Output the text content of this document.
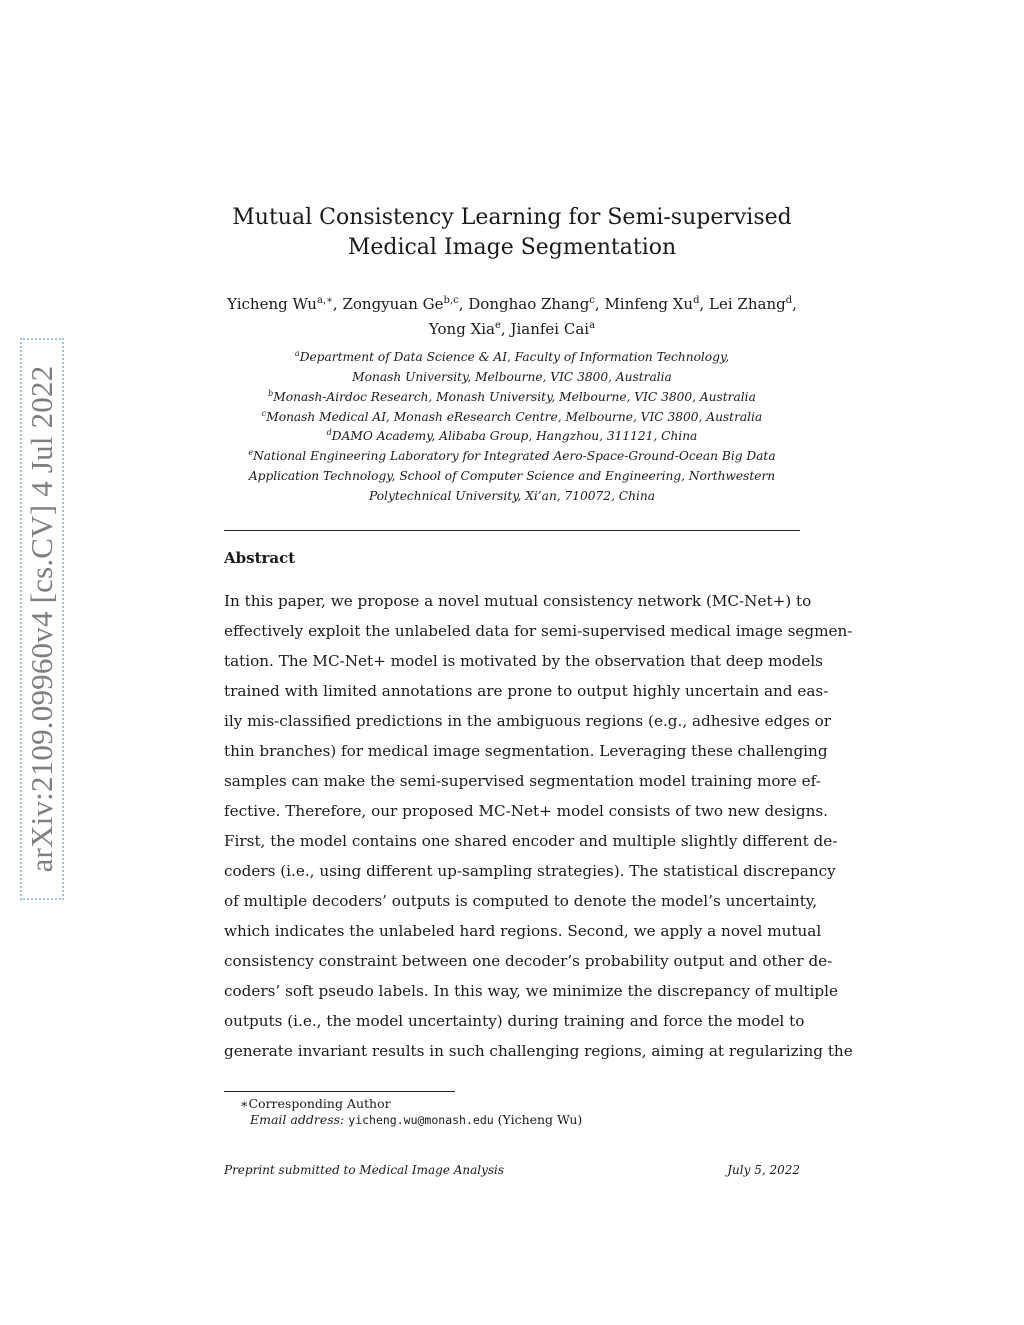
arXiv:2109.09960v4 [cs.CV] 4 Jul 2022
Mutual Consistency Learning for Semi-supervised
Medical Image Segmentation
Yicheng $Wu^{a,∗}$, Zongyuan Ge$^{b,c}$, Donghao Zhang$^c$, Minfeng Xu$^d$, Lei Zhang$^d$,
Yong Xia$^e$, Jianfei Cai$^a$
$^a$Department of Data Science & AI, Faculty of Information Technology,
Monash University, Melbourne, VIC 3800, Australia
$^b$Monash-Airdoc Research, Monash University, Melbourne, VIC 3800, Australia
$^c$Monash Medical AI, Monash eResearch Centre, Melbourne, VIC 3800, Australia
$^d$DAMO Academy, Alibaba Group, Hangzhou, 311121, China
$^e$National Engineering Laboratory for Integrated Aero-Space-Ground-Ocean Big Data
Application Technology, School of Computer Science and Engineering, Northwestern
Polytechnical University, Xi’an, 710072, China
Abstract
In this paper, we propose a novel mutual consistency network (MC-Net+) to
effectively exploit the unlabeled data for semi-supervised medical image segmen-
tation. The MC-Net+ model is motivated by the observation that deep models
trained with limited annotations are prone to output highly uncertain and eas-
ily mis-classified predictions in the ambiguous regions (e.g., adhesive edges or
thin branches) for medical image segmentation. Leveraging these challenging
samples can make the semi-supervised segmentation model training more ef-
fective. Therefore, our proposed MC-Net+ model consists of two new designs.
First, the model contains one shared encoder and multiple slightly different de-
coders (i.e., using different up-sampling strategies). The statistical discrepancy
of multiple decoders’ outputs is computed to denote the model’s uncertainty,
which indicates the unlabeled hard regions. Second, we apply a novel mutual
consistency constraint between one decoder’s probability output and other de-
coders’ soft pseudo labels. In this way, we minimize the discrepancy of multiple
outputs (i.e., the model uncertainty) during training and force the model to
generate invariant results in such challenging regions, aiming at regularizing the
∗Corresponding Author
Email address: yicheng.wu@monash.edu (Yicheng Wu)
Preprint submitted to Medical Image Analysis	July 5, 2022
